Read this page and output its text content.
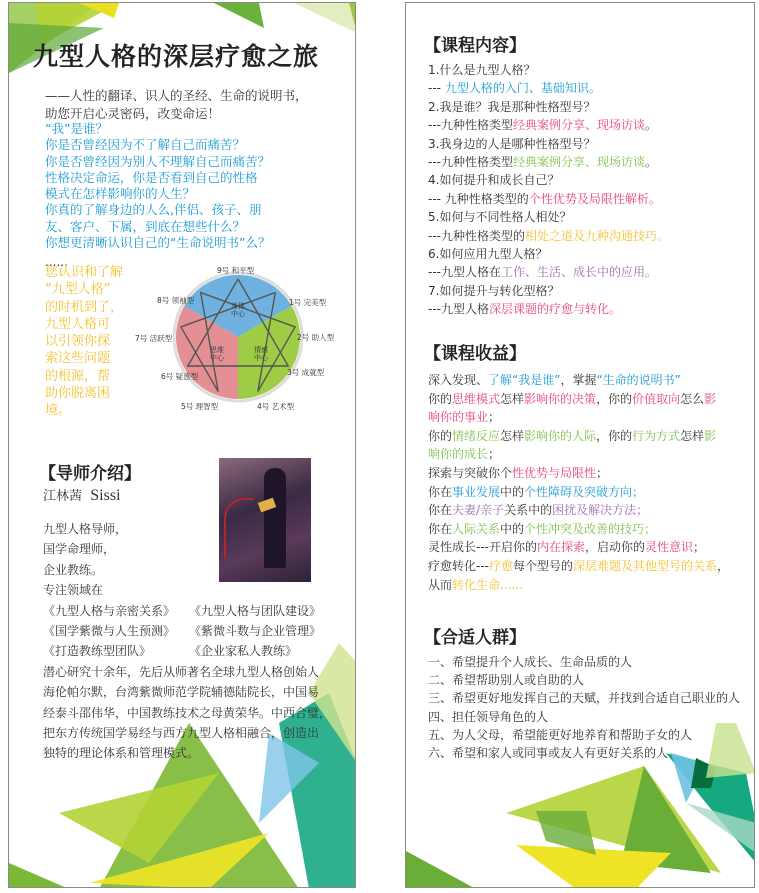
九型人格的深层疗愈之旅
——人性的翻译、识人的圣经、生命的说明书，
助您开启心灵密码，改变命运！
“我”是谁？
你是否曾经因为不了解自己而痛苦？
你是否曾经因为别人不理解自己而痛苦？
性格决定命运，你是否看到自己的性格
模式在怎样影响你的人生？
你真的了解身边的人么,伴侣、孩子、朋
友、客户、下属，到底在想些什么？
你想更清晰认识自己的“生命说明书”么？
......
您认识和了解
“九型人格”
的时机到了，
九型人格可
以引领你探
索这些问题
的根源，帮
助你脱离困
境。
9号 和平型
1号 完美型
2号 助人型
3号 成就型
4号 艺术型
5号 理智型
6号 疑惑型
7号 活跃型
8号 领袖型
身体中心
情感中心
思维中心
【导师介绍】
江林茜 Sissi
九型人格导师，
国学命理师，
企业教练。
专注领域在
《九型人格与亲密关系》 《九型人格与团队建设》
《国学紫微与人生预测》 《紫微斗数与企业管理》
《打造教练型团队》	《企业家私人教练》
潜心研究十余年，先后从师著名全球九型人格创始人
海伦帕尔默，台湾紫微师范学院辅德陆院长，中国易
经泰斗邵伟华，中国教练技术之母黄荣华。中西合璧，
把东方传统国学易经与西方九型人格相融合，创造出
独特的理论体系和管理模式。
【课程内容】
1.什么是九型人格？
--- 九型人格的入门、基础知识。
2.我是谁？我是那种性格型号？
---九种性格类型经典案例分享、现场访谈。
3.我身边的人是哪种性格型号？
---九种性格类型经典案例分享、现场访谈。
4.如何提升和成长自己？
--- 九种性格类型的个性优势及局限性解析。
5.如何与不同性格人相处？
---九种性格类型的相处之道及九种沟通技巧。
6.如何应用九型人格？
---九型人格在工作、生活、成长中的应用。
7.如何提升与转化型格？
---九型人格深层课题的疗愈与转化。
【课程收益】
深入发现、了解“我是谁”，掌握“生命的说明书”
你的思维模式怎样影响你的决策，你的价值取向怎么影
响你的事业；
你的情绪反应怎样影响你的人际，你的行为方式怎样影
响你的成长；
探索与突破你个性优势与局限性；
你在事业发展中的个性障碍及突破方向；
你在夫妻/亲子关系中的困扰及解决方法；
你在人际关系中的个性冲突及改善的技巧；
灵性成长---开启你的内在探索，启动你的灵性意识；
疗愈转化---疗愈每个型号的深层难题及其他型号的关系，
从而转化生命......
【合适人群】
一、希望提升个人成长、生命品质的人
二、希望帮助别人或自助的人
三、希望更好地发挥自己的天赋，并找到合适自己职业的人
四、担任领导角色的人
五、为人父母，希望能更好地养育和帮助子女的人
六、希望和家人或同事或友人有更好关系的人
